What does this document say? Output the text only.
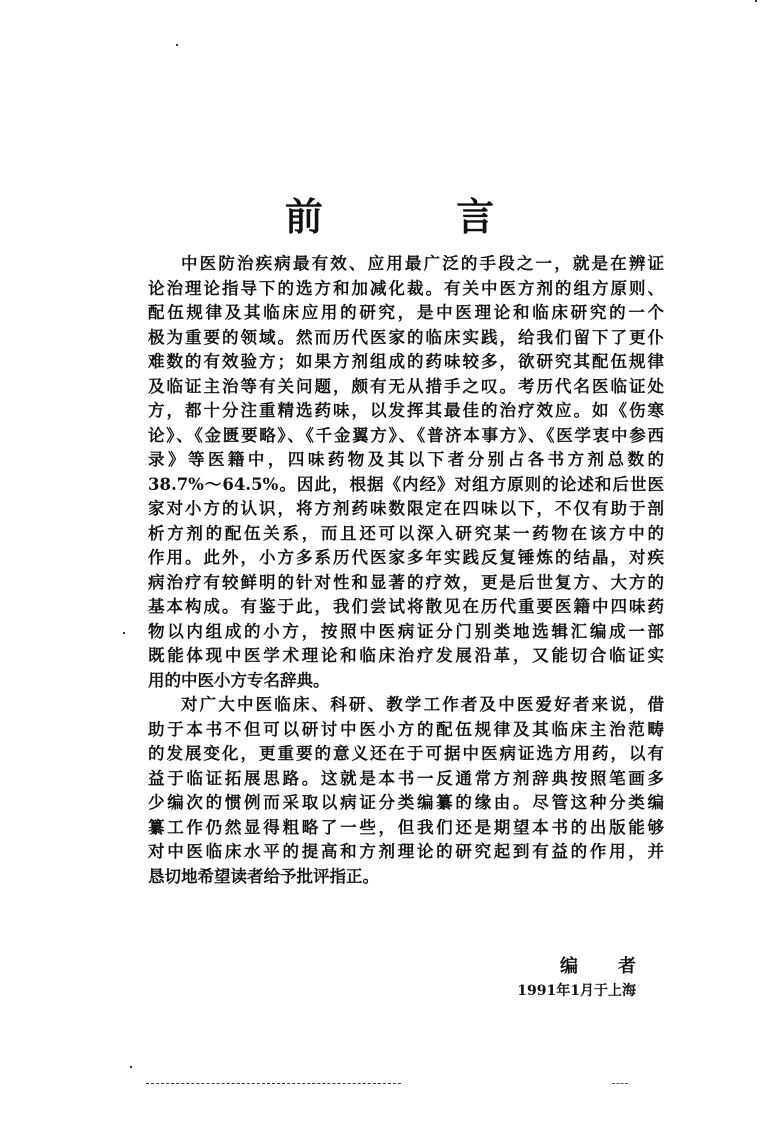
前 言
中医防治疾病最有效、应用最广泛的手段之一，就是在辨证
论治理论指导下的选方和加减化裁。有关中医方剂的组方原则、
配伍规律及其临床应用的研究，是中医理论和临床研究的一个
极为重要的领域。然而历代医家的临床实践，给我们留下了更仆
难数的有效验方；如果方剂组成的药味较多，欲研究其配伍规律
及临证主治等有关问题，颇有无从措手之叹。考历代名医临证处
方，都十分注重精选药味，以发挥其最佳的治疗效应。如《伤寒
论》、《金匮要略》、《千金翼方》、《普济本事方》、《医学衷中参西
录》等医籍中，四味药物及其以下者分别占各书方剂总数的
38.7%～64.5%。因此，根据《内经》对组方原则的论述和后世医
家对小方的认识，将方剂药味数限定在四味以下，不仅有助于剖
析方剂的配伍关系，而且还可以深入研究某一药物在该方中的
作用。此外，小方多系历代医家多年实践反复锤炼的结晶，对疾
病治疗有较鲜明的针对性和显著的疗效，更是后世复方、大方的
基本构成。有鉴于此，我们尝试将散见在历代重要医籍中四味药
物以内组成的小方，按照中医病证分门别类地选辑汇编成一部
既能体现中医学术理论和临床治疗发展沿革，又能切合临证实
用的中医小方专名辞典。
对广大中医临床、科研、教学工作者及中医爱好者来说，借
助于本书不但可以研讨中医小方的配伍规律及其临床主治范畴
的发展变化，更重要的意义还在于可据中医病证选方用药，以有
益于临证拓展思路。这就是本书一反通常方剂辞典按照笔画多
少编次的惯例而采取以病证分类编纂的缘由。尽管这种分类编
纂工作仍然显得粗略了一些，但我们还是期望本书的出版能够
对中医临床水平的提高和方剂理论的研究起到有益的作用，并
恳切地希望读者给予批评指正。
编者
1991年1月于上海
